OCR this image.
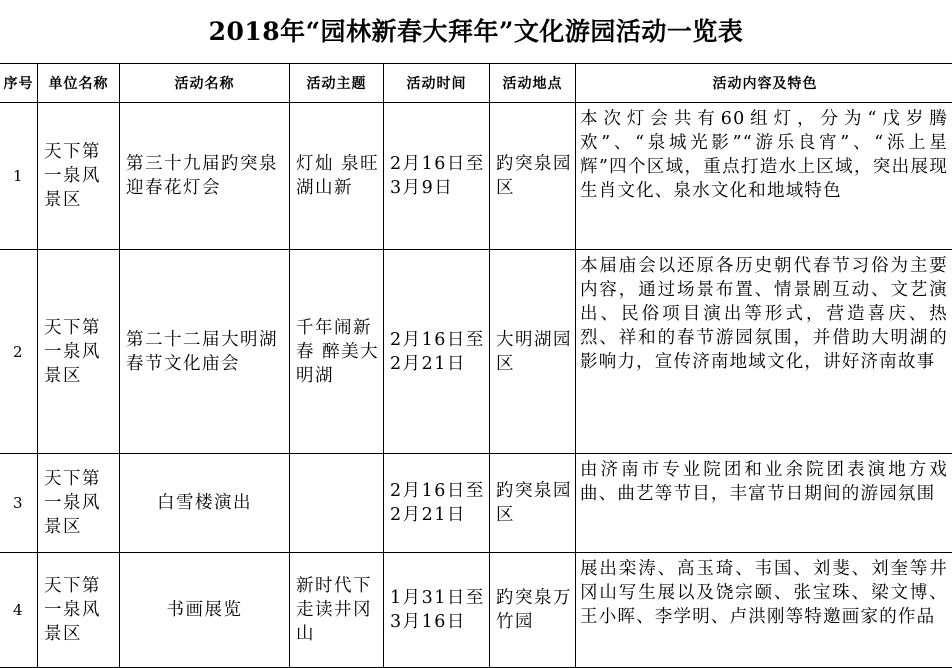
2018年“园林新春大拜年”文化游园活动一览表
序号	单位名称	活动名称	活动主题	活动时间	活动地点	活动内容及特色
1	天下第一泉风景区	第三十九届趵突泉迎春花灯会	灯灿 泉旺 湖山新	2月16日至3月9日	趵突泉园区	本次灯会共有60组灯，分为“戊岁腾欢”、“泉城光影”“游乐良宵”、“泺上星辉”四个区域，重点打造水上区域，突出展现生肖文化、泉水文化和地域特色
2	天下第一泉风景区	第二十二届大明湖春节文化庙会	千年闹新春 醉美大明湖	2月16日至2月21日	大明湖园区	本届庙会以还原各历史朝代春节习俗为主要内容，通过场景布置、情景剧互动、文艺演出、民俗项目演出等形式，营造喜庆、热烈、祥和的春节游园氛围，并借助大明湖的影响力，宣传济南地域文化，讲好济南故事
3	天下第一泉风景区	白雪楼演出		2月16日至2月21日	趵突泉园区	由济南市专业院团和业余院团表演地方戏曲、曲艺等节目，丰富节日期间的游园氛围
4	天下第一泉风景区	书画展览	新时代下走读井冈山	1月31日至3月16日	趵突泉万竹园	展出栾涛、高玉琦、韦国、刘斐、刘奎等井冈山写生展以及饶宗颐、张宝珠、梁文博、王小晖、李学明、卢洪刚等特邀画家的作品
